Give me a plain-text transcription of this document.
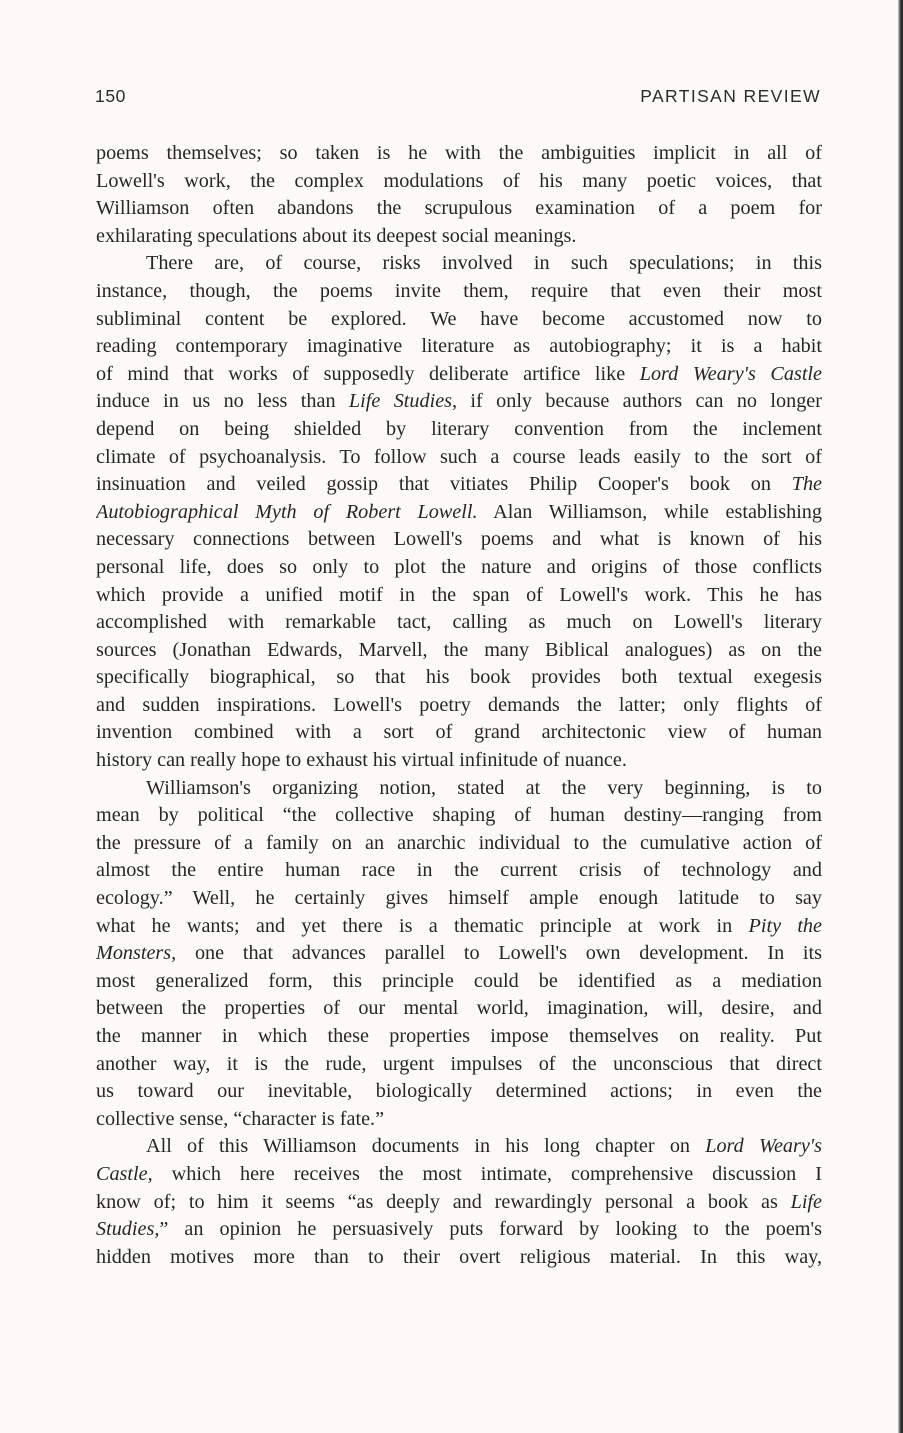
150	PARTISAN REVIEW
poems themselves; so taken is he with the ambiguities implicit in all of
Lowell's work, the complex modulations of his many poetic voices, that
Williamson often abandons the scrupulous examination of a poem for
exhilarating speculations about its deepest social meanings.
There are, of course, risks involved in such speculations; in this
instance, though, the poems invite them, require that even their most
subliminal content be explored. We have become accustomed now to
reading contemporary imaginative literature as autobiography; it is a habit
of mind that works of supposedly deliberate artifice like Lord Weary's Castle
induce in us no less than Life Studies, if only because authors can no longer
depend on being shielded by literary convention from the inclement
climate of psychoanalysis. To follow such a course leads easily to the sort of
insinuation and veiled gossip that vitiates Philip Cooper's book on The
Autobiographical Myth of Robert Lowell. Alan Williamson, while establishing
necessary connections between Lowell's poems and what is known of his
personal life, does so only to plot the nature and origins of those conflicts
which provide a unified motif in the span of Lowell's work. This he has
accomplished with remarkable tact, calling as much on Lowell's literary
sources (Jonathan Edwards, Marvell, the many Biblical analogues) as on the
specifically biographical, so that his book provides both textual exegesis
and sudden inspirations. Lowell's poetry demands the latter; only flights of
invention combined with a sort of grand architectonic view of human
history can really hope to exhaust his virtual infinitude of nuance.
Williamson's organizing notion, stated at the very beginning, is to
mean by political “the collective shaping of human destiny—ranging from
the pressure of a family on an anarchic individual to the cumulative action of
almost the entire human race in the current crisis of technology and
ecology.” Well, he certainly gives himself ample enough latitude to say
what he wants; and yet there is a thematic principle at work in Pity the
Monsters, one that advances parallel to Lowell's own development. In its
most generalized form, this principle could be identified as a mediation
between the properties of our mental world, imagination, will, desire, and
the manner in which these properties impose themselves on reality. Put
another way, it is the rude, urgent impulses of the unconscious that direct
us toward our inevitable, biologically determined actions; in even the
collective sense, “character is fate.”
All of this Williamson documents in his long chapter on Lord Weary's
Castle, which here receives the most intimate, comprehensive discussion I
know of; to him it seems “as deeply and rewardingly personal a book as Life
Studies,” an opinion he persuasively puts forward by looking to the poem's
hidden motives more than to their overt religious material. In this way,
